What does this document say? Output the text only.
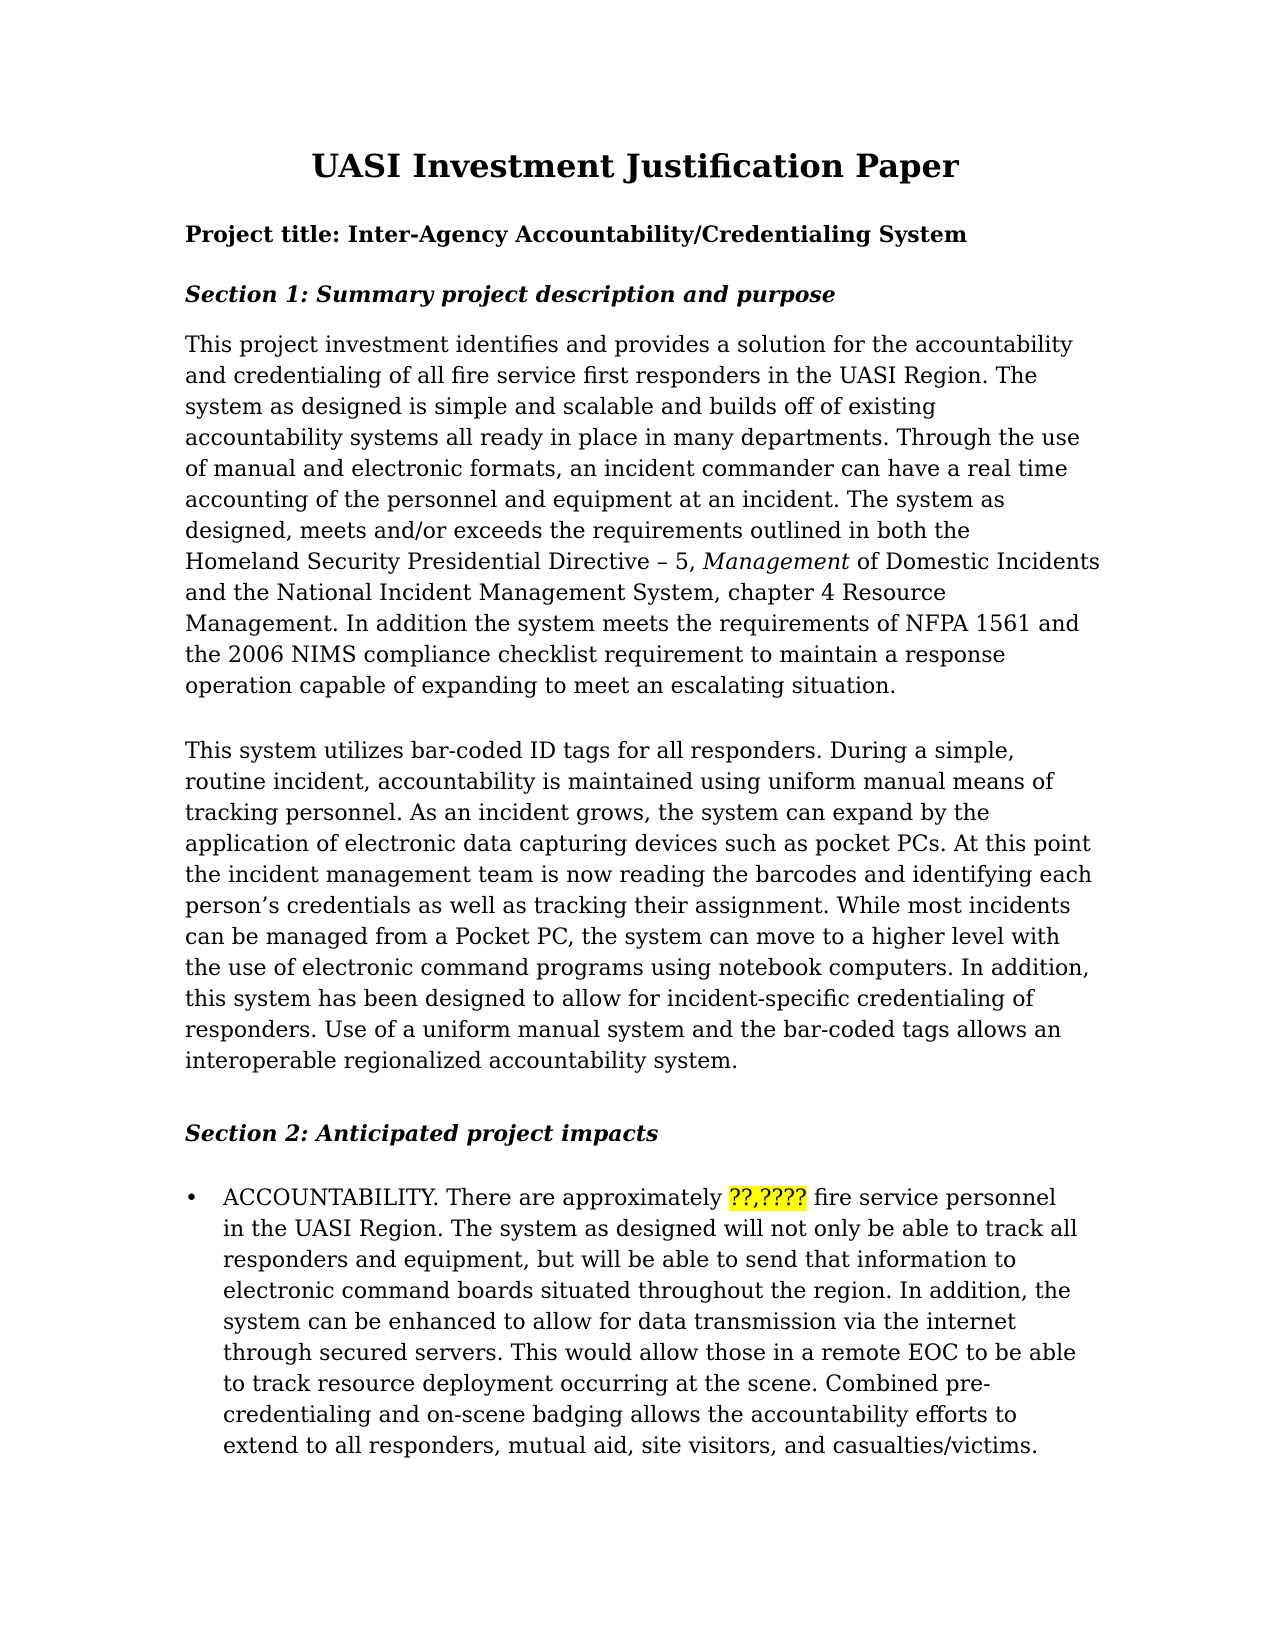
UASI Investment Justification Paper

Project title: Inter-Agency Accountability/Credentialing System

Section 1: Summary project description and purpose

This project investment identifies and provides a solution for the accountability
and credentialing of all fire service first responders in the UASI Region. The
system as designed is simple and scalable and builds off of existing
accountability systems all ready in place in many departments. Through the use
of manual and electronic formats, an incident commander can have a real time
accounting of the personnel and equipment at an incident. The system as
designed, meets and/or exceeds the requirements outlined in both the
Homeland Security Presidential Directive – 5, Management of Domestic Incidents
and the National Incident Management System, chapter 4 Resource
Management. In addition the system meets the requirements of NFPA 1561 and
the 2006 NIMS compliance checklist requirement to maintain a response
operation capable of expanding to meet an escalating situation.

This system utilizes bar-coded ID tags for all responders. During a simple,
routine incident, accountability is maintained using uniform manual means of
tracking personnel. As an incident grows, the system can expand by the
application of electronic data capturing devices such as pocket PCs. At this point
the incident management team is now reading the barcodes and identifying each
person’s credentials as well as tracking their assignment. While most incidents
can be managed from a Pocket PC, the system can move to a higher level with
the use of electronic command programs using notebook computers. In addition,
this system has been designed to allow for incident-specific credentialing of
responders. Use of a uniform manual system and the bar-coded tags allows an
interoperable regionalized accountability system.

Section 2: Anticipated project impacts

•	ACCOUNTABILITY. There are approximately ??,???? fire service personnel
in the UASI Region. The system as designed will not only be able to track all
responders and equipment, but will be able to send that information to
electronic command boards situated throughout the region. In addition, the
system can be enhanced to allow for data transmission via the internet
through secured servers. This would allow those in a remote EOC to be able
to track resource deployment occurring at the scene. Combined pre-
credentialing and on-scene badging allows the accountability efforts to
extend to all responders, mutual aid, site visitors, and casualties/victims.
